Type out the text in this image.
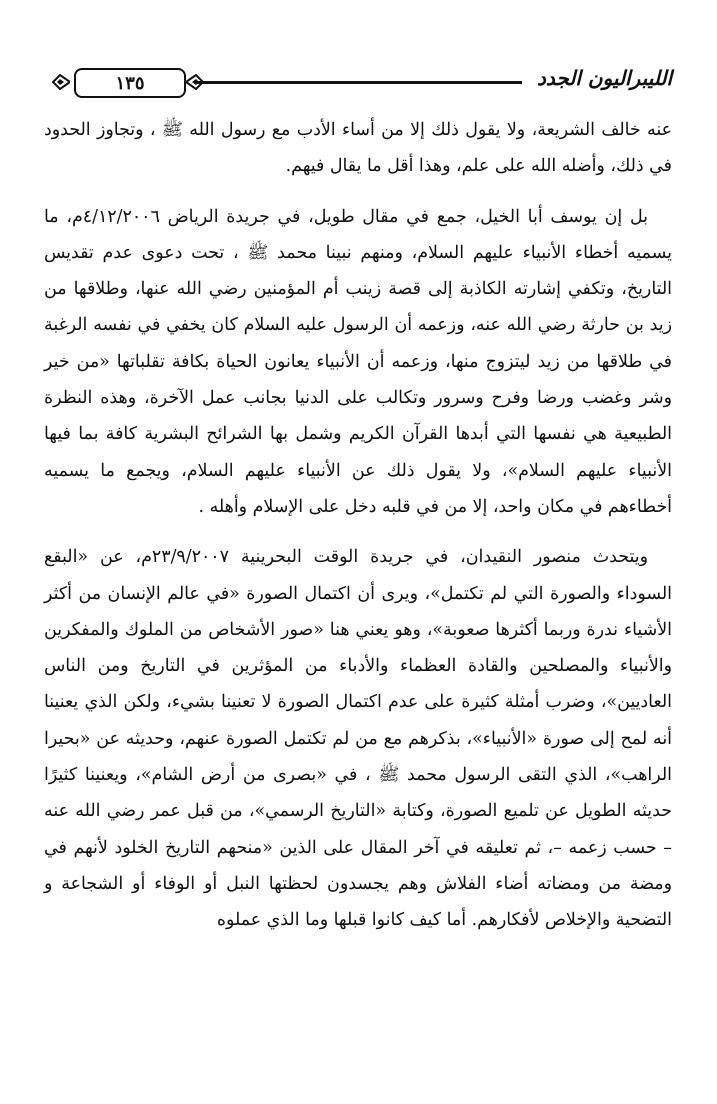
الليبراليون الجدد
١٣٥

عنه خالف الشريعة، ولا يقول ذلك إلا من أساء الأدب مع رسول الله ﷺ ، وتجاوز الحدود في ذلك، وأضله الله على علم، وهذا أقل ما يقال فيهم.

بل إن يوسف أبا الخيل، جمع في مقال طويل، في جريدة الرياض ٤/١٢/٢٠٠٦م، ما يسميه أخطاء الأنبياء عليهم السلام، ومنهم نبينا محمد ﷺ ، تحت دعوى عدم تقديس التاريخ، وتكفي إشارته الكاذبة إلى قصة زينب أم المؤمنين رضي الله عنها، وطلاقها من زيد بن حارثة رضي الله عنه، وزعمه أن الرسول عليه السلام كان يخفي في نفسه الرغبة في طلاقها من زيد ليتزوج منها، وزعمه أن الأنبياء يعانون الحياة بكافة تقلباتها «من خير وشر وغضب ورضا وفرح وسرور وتكالب على الدنيا بجانب عمل الآخرة، وهذه النظرة الطبيعية هي نفسها التي أبدها القرآن الكريم وشمل بها الشرائح البشرية كافة بما فيها الأنبياء عليهم السلام»، ولا يقول ذلك عن الأنبياء عليهم السلام، ويجمع ما يسميه أخطاءهم في مكان واحد، إلا من في قلبه دخل على الإسلام وأهله .

ويتحدث منصور النقيدان، في جريدة الوقت البحرينية ٢٣/٩/٢٠٠٧م، عن «البقع السوداء والصورة التي لم تكتمل»، ويرى أن اكتمال الصورة «في عالم الإنسان من أكثر الأشياء ندرة وربما أكثرها صعوبة»، وهو يعني هنا «صور الأشخاص من الملوك والمفكرين والأنبياء والمصلحين والقادة العظماء والأدباء من المؤثرين في التاريخ ومن الناس العاديين»، وضرب أمثلة كثيرة على عدم اكتمال الصورة لا تعنينا بشيء، ولكن الذي يعنينا أنه لمح إلى صورة «الأنبياء»، بذكرهم مع من لم تكتمل الصورة عنهم، وحديثه عن «بحيرا الراهب»، الذي التقى الرسول محمد ﷺ ، في «بصرى من أرض الشام»، ويعنينا كثيرًا حديثه الطويل عن تلميع الصورة، وكتابة «التاريخ الرسمي»، من قبل عمر رضي الله عنه – حسب زعمه –، ثم تعليقه في آخر المقال على الذين «منحهم التاريخ الخلود لأنهم في ومضة من ومضاته أضاء الفلاش وهم يجسدون لحظتها النبل أو الوفاء أو الشجاعة و التضحية والإخلاص لأفكارهم. أما كيف كانوا قبلها وما الذي عملوه
